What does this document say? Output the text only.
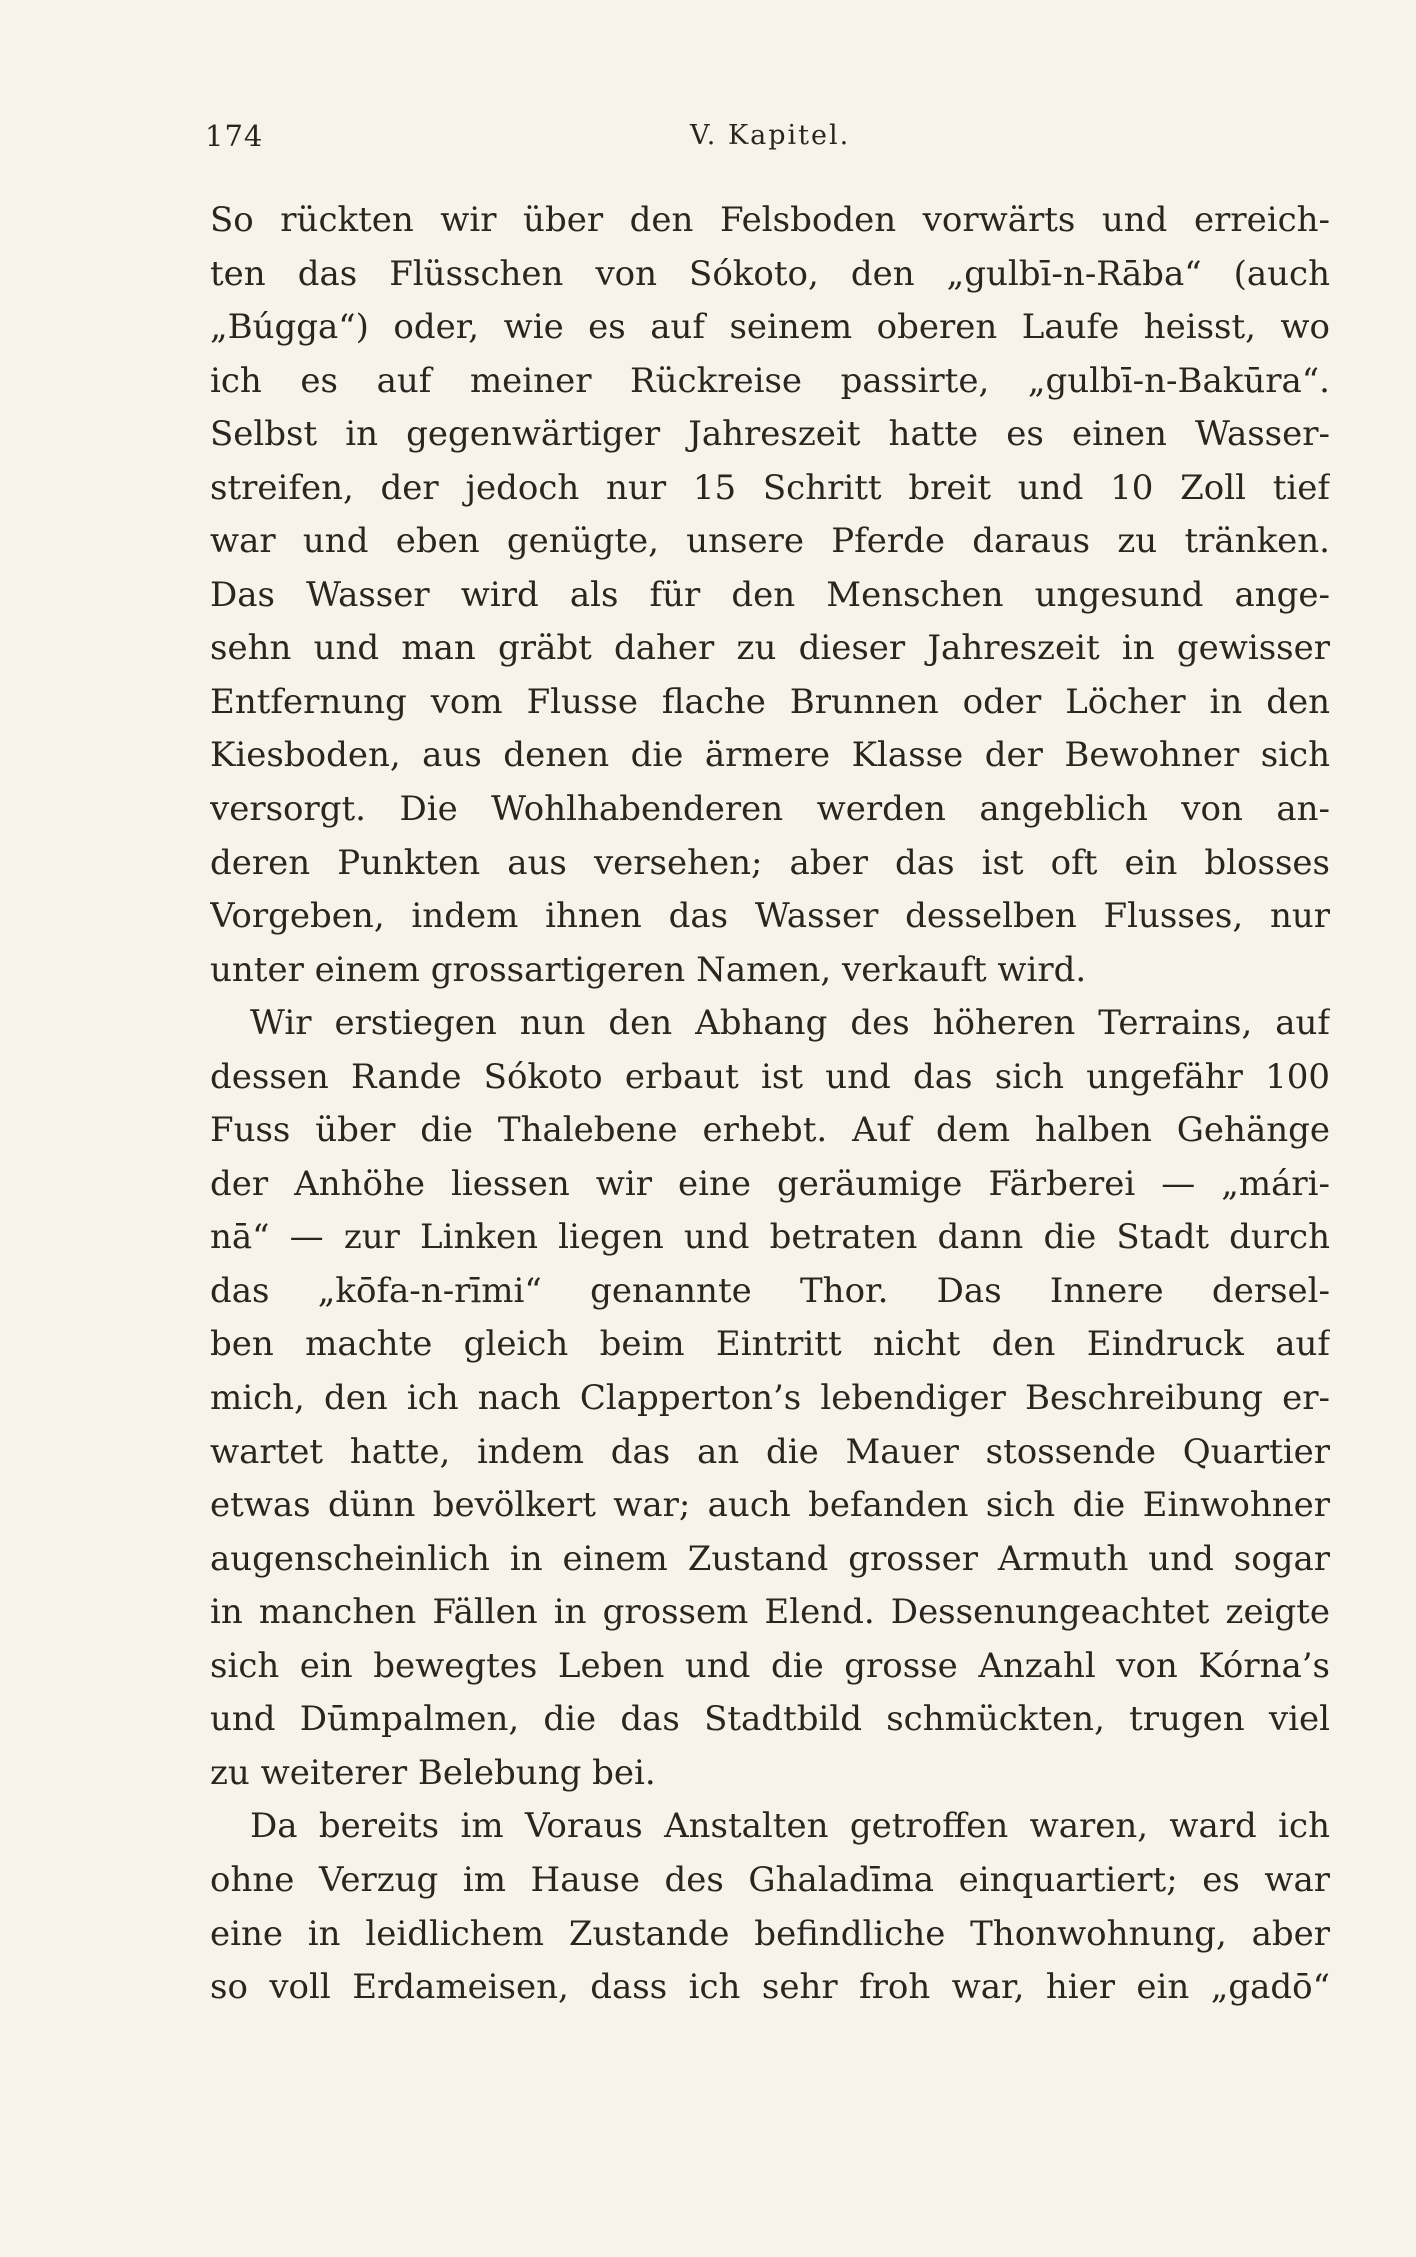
174	V. Kapitel.
So rückten wir über den Felsboden vorwärts und erreich-
ten das Flüsschen von Sókoto, den „gulbī-n-Rāba“ (auch
„Búgga“) oder, wie es auf seinem oberen Laufe heisst, wo
ich es auf meiner Rückreise passirte, „gulbī-n-Bakūra“.
Selbst in gegenwärtiger Jahreszeit hatte es einen Wasser-
streifen, der jedoch nur 15 Schritt breit und 10 Zoll tief
war und eben genügte, unsere Pferde daraus zu tränken.
Das Wasser wird als für den Menschen ungesund ange-
sehn und man gräbt daher zu dieser Jahreszeit in gewisser
Entfernung vom Flusse flache Brunnen oder Löcher in den
Kiesboden, aus denen die ärmere Klasse der Bewohner sich
versorgt. Die Wohlhabenderen werden angeblich von an-
deren Punkten aus versehen; aber das ist oft ein blosses
Vorgeben, indem ihnen das Wasser desselben Flusses, nur
unter einem grossartigeren Namen, verkauft wird.
Wir erstiegen nun den Abhang des höheren Terrains, auf
dessen Rande Sókoto erbaut ist und das sich ungefähr 100
Fuss über die Thalebene erhebt. Auf dem halben Gehänge
der Anhöhe liessen wir eine geräumige Färberei — „mári-
nā“ — zur Linken liegen und betraten dann die Stadt durch
das „kōfa-n-rīmi“ genannte Thor. Das Innere dersel-
ben machte gleich beim Eintritt nicht den Eindruck auf
mich, den ich nach Clapperton’s lebendiger Beschreibung er-
wartet hatte, indem das an die Mauer stossende Quartier
etwas dünn bevölkert war; auch befanden sich die Einwohner
augenscheinlich in einem Zustand grosser Armuth und sogar
in manchen Fällen in grossem Elend. Dessenungeachtet zeigte
sich ein bewegtes Leben und die grosse Anzahl von Kórna’s
und Dūmpalmen, die das Stadtbild schmückten, trugen viel
zu weiterer Belebung bei.
Da bereits im Voraus Anstalten getroffen waren, ward ich
ohne Verzug im Hause des Ghaladīma einquartiert; es war
eine in leidlichem Zustande befindliche Thonwohnung, aber
so voll Erdameisen, dass ich sehr froh war, hier ein „gadō“
